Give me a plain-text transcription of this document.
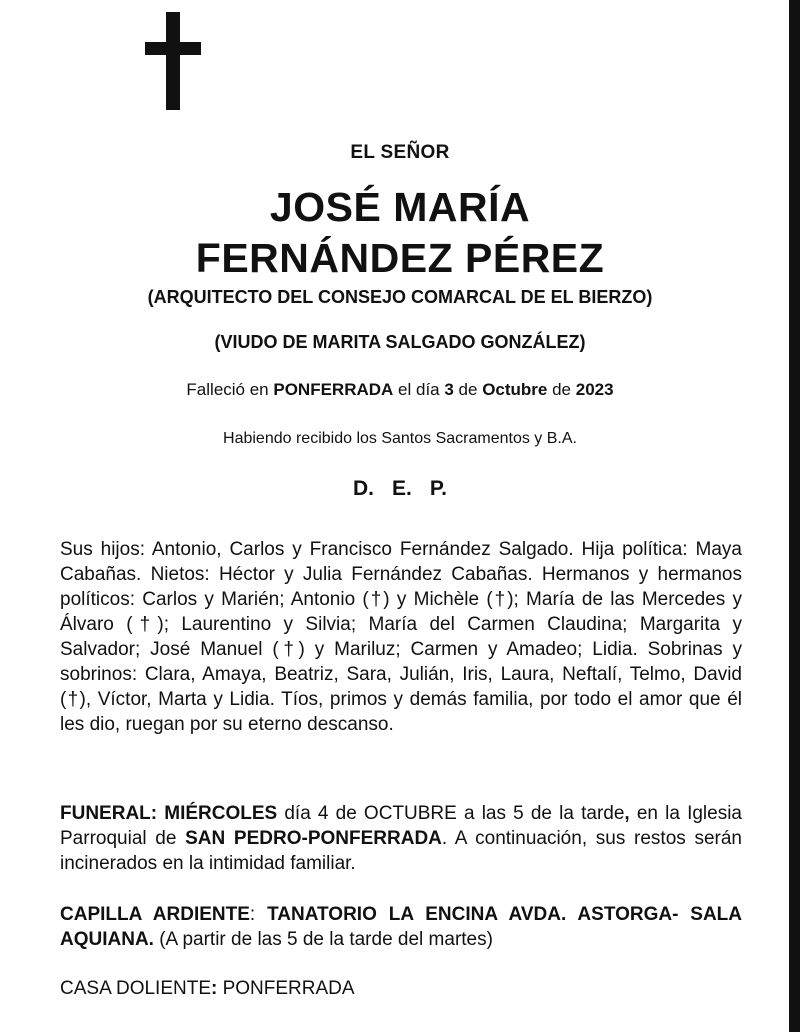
EL SEÑOR
JOSÉ MARÍA
FERNÁNDEZ PÉREZ
(ARQUITECTO DEL CONSEJO COMARCAL DE EL BIERZO)
(VIUDO DE MARITA SALGADO GONZÁLEZ)
Falleció en PONFERRADA el día 3 de Octubre de 2023
Habiendo recibido los Santos Sacramentos y B.A.
D. E. P.
Sus hijos: Antonio, Carlos y Francisco Fernández Salgado. Hija política: Maya Cabañas. Nietos: Héctor y Julia Fernández Cabañas. Hermanos y hermanos políticos: Carlos y Marién; Antonio (†) y Michèle (†); María de las Mercedes y Álvaro (†); Laurentino y Silvia; María del Carmen Claudina; Margarita y Salvador; José Manuel (†) y Mariluz; Carmen y Amadeo; Lidia. Sobrinas y sobrinos: Clara, Amaya, Beatriz, Sara, Julián, Iris, Laura, Neftalí, Telmo, David (†), Víctor, Marta y Lidia. Tíos, primos y demás familia, por todo el amor que él les dio, ruegan por su eterno descanso.
FUNERAL: MIÉRCOLES día 4 de OCTUBRE a las 5 de la tarde, en la Iglesia Parroquial de SAN PEDRO-PONFERRADA. A continuación, sus restos serán incinerados en la intimidad familiar.
CAPILLA ARDIENTE: TANATORIO LA ENCINA AVDA. ASTORGA- SALA AQUIANA. (A partir de las 5 de la tarde del martes)
CASA DOLIENTE: PONFERRADA
